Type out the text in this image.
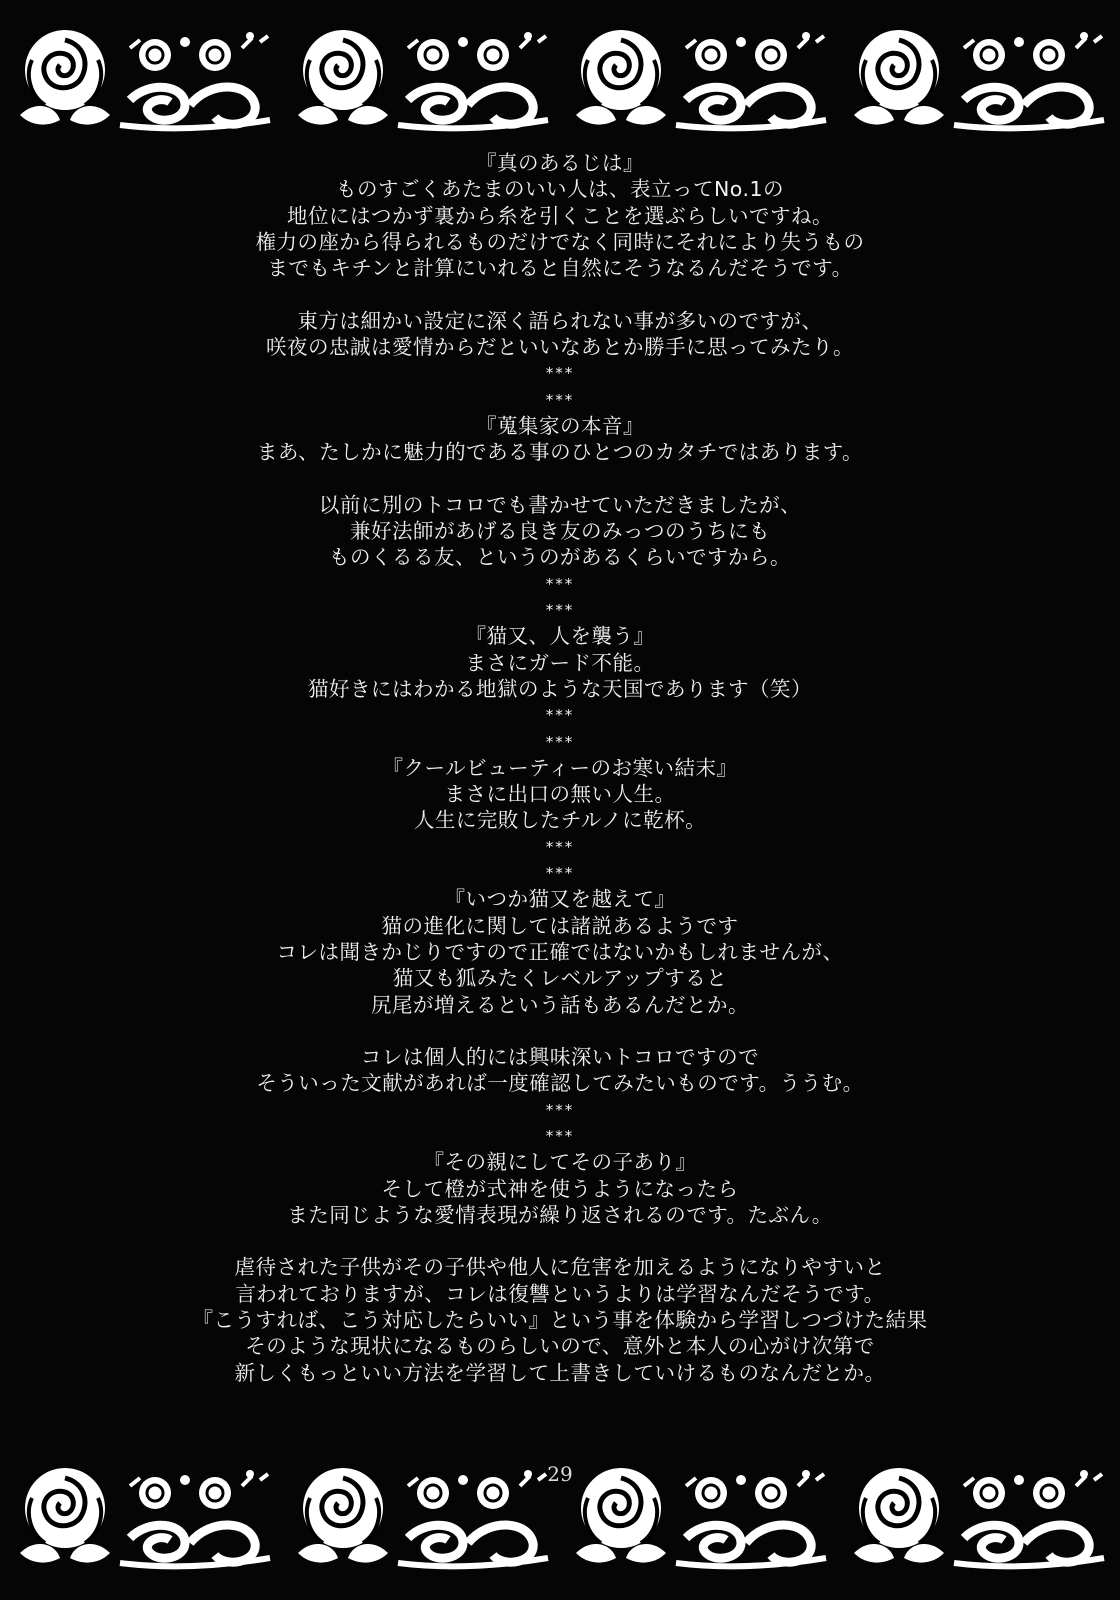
『真のあるじは』
ものすごくあたまのいい人は、表立ってNo.1の
地位にはつかず裏から糸を引くことを選ぶらしいですね。
権力の座から得られるものだけでなく同時にそれにより失うもの
までもキチンと計算にいれると自然にそうなるんだそうです。
東方は細かい設定に深く語られない事が多いのですが、
咲夜の忠誠は愛情からだといいなあとか勝手に思ってみたり。
***
***
『蒐集家の本音』
まあ、たしかに魅力的である事のひとつのカタチではあります。
以前に別のトコロでも書かせていただきましたが、
兼好法師があげる良き友のみっつのうちにも
ものくるる友、というのがあるくらいですから。
***
***
『猫又、人を襲う』
まさにガード不能。
猫好きにはわかる地獄のような天国であります（笑）
***
***
『クールビューティーのお寒い結末』
まさに出口の無い人生。
人生に完敗したチルノに乾杯。
***
***
『いつか猫又を越えて』
猫の進化に関しては諸説あるようです
コレは聞きかじりですので正確ではないかもしれませんが、
猫又も狐みたくレベルアップすると
尻尾が増えるという話もあるんだとか。
コレは個人的には興味深いトコロですので
そういった文献があれば一度確認してみたいものです。ううむ。
***
***
『その親にしてその子あり』
そして橙が式神を使うようになったら
また同じような愛情表現が繰り返されるのです。たぶん。
虐待された子供がその子供や他人に危害を加えるようになりやすいと
言われておりますが、コレは復讐というよりは学習なんだそうです。
『こうすれば、こう対応したらいい』という事を体験から学習しつづけた結果
そのような現状になるものらしいので、意外と本人の心がけ次第で
新しくもっといい方法を学習して上書きしていけるものなんだとか。
29
